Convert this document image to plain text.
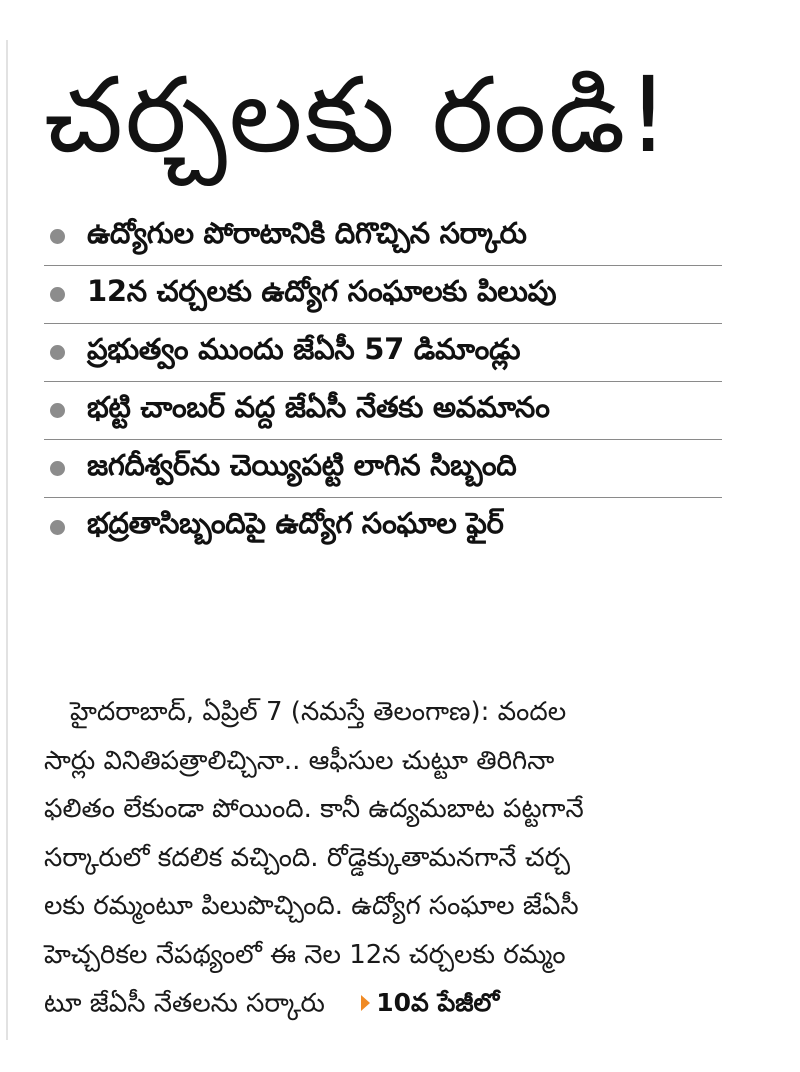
చర్చలకు రండి!
ఉద్యోగుల పోరాటానికి దిగొచ్చిన సర్కారు
12న చర్చలకు ఉద్యోగ సంఘాలకు పిలుపు
ప్రభుత్వం ముందు జేఏసీ 57 డిమాండ్లు
భట్టి చాంబర్ వద్ద జేఏసీ నేతకు అవమానం
జగదీశ్వర్‌ను చెయ్యిపట్టి లాగిన సిబ్బంది
భద్రతాసిబ్బందిపై ఉద్యోగ సంఘాల ఫైర్
హైదరాబాద్, ఏప్రిల్ 7 (నమస్తే తెలంగాణ): వందల
సార్లు వినితిపత్రాలిచ్చినా.. ఆఫీసుల చుట్టూ తిరిగినా
ఫలితం లేకుండా పోయింది. కానీ ఉద్యమబాట పట్టగానే
సర్కారులో కదలిక వచ్చింది. రోడ్డెక్కుతామనగానే చర్చ
లకు రమ్మంటూ పిలుపొచ్చింది. ఉద్యోగ సంఘాల జేఏసీ
హెచ్చరికల నేపథ్యంలో ఈ నెల 12న చర్చలకు రమ్మం
టూ జేఏసీ నేతలను సర్కారు 10వ పేజీలో
